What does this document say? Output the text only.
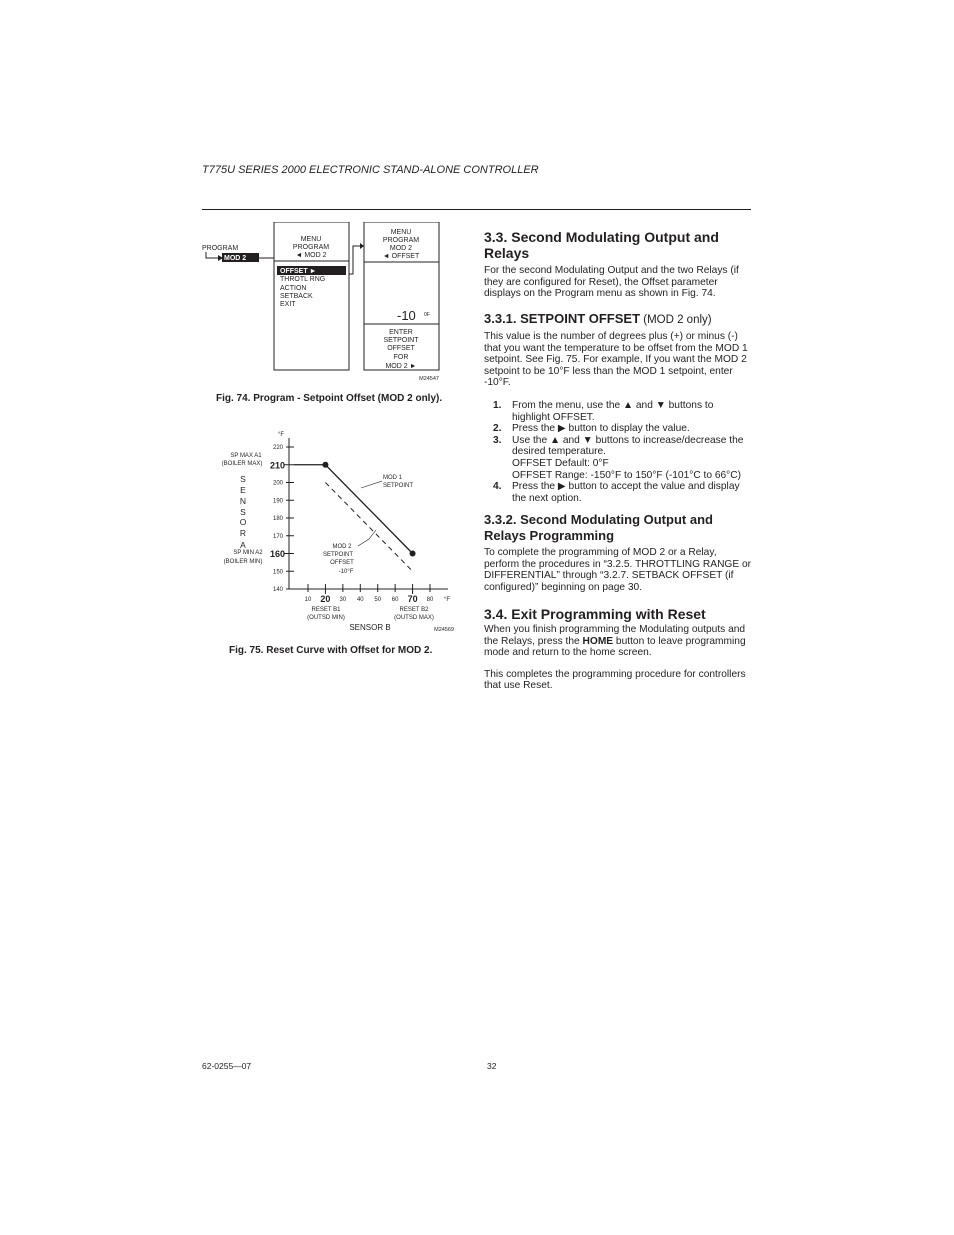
T775U SERIES 2000 ELECTRONIC STAND-ALONE CONTROLLER
PROGRAM
MOD 2
MENU
PROGRAM
◄ MOD 2
OFFSET ►
THROTL RNG
ACTION
SETBACK
EXIT
MENU
PROGRAM
MOD 2
◄ OFFSET
-10 0F
ENTER
SETPOINT
OFFSET
FOR
MOD 2 ►
M24547
Fig. 74. Program - Setpoint Offset (MOD 2 only).
°F
220
210
200
190
180
170
160
150
140
10 20 30 40 50 60 70 80
S
E
N
S
O
R
A
SP MAX A1
(BOILER MAX)
SP MIN A2
(BOILER MIN)
MOD 1
SETPOINT
MOD 2
SETPOINT
OFFSET
-10°F
°F
RESET B1
(OUTSD MIN)
RESET B2
(OUTSD MAX)
SENSOR B	M24569
Fig. 75. Reset Curve with Offset for MOD 2.
3.3. Second Modulating Output and Relays

For the second Modulating Output and the two Relays (if they are configured for Reset), the Offset parameter displays on the Program menu as shown in Fig. 74.

3.3.1. SETPOINT OFFSET (MOD 2 only)

This value is the number of degrees plus (+) or minus (-) that you want the temperature to be offset from the MOD 1 setpoint. See Fig. 75. For example, If you want the MOD 2 setpoint to be 10°F less than the MOD 1 setpoint, enter -10°F.

1. From the menu, use the ▲ and ▼ buttons to highlight OFFSET.
2. Press the ▶ button to display the value.
3. Use the ▲ and ▼ buttons to increase/decrease the desired temperature.
OFFSET Default: 0°F
OFFSET Range: -150°F to 150°F (-101°C to 66°C)
4. Press the ▶ button to accept the value and display the next option.
3.3.2. Second Modulating Output and Relays Programming

To complete the programming of MOD 2 or a Relay, perform the procedures in “3.2.5. THROTTLING RANGE or DIFFERENTIAL” through “3.2.7. SETBACK OFFSET (if configured)” beginning on page 30.

3.4. Exit Programming with Reset

When you finish programming the Modulating outputs and the Relays, press the HOME button to leave programming mode and return to the home screen.

This completes the programming procedure for controllers that use Reset.

62-0255—07	32
